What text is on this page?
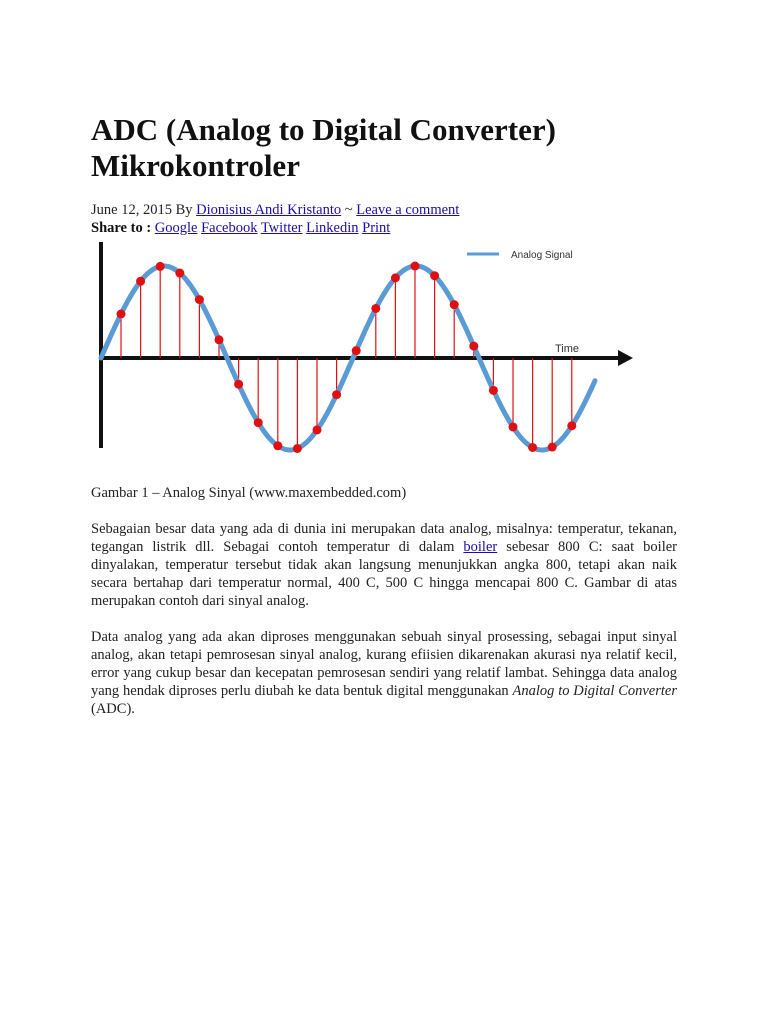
ADC (Analog to Digital Converter) Mikrokontroler
June 12, 2015 By Dionisius Andi Kristanto ~ Leave a comment
Share to : Google Facebook Twitter Linkedin Print
Time
Analog Signal
Gambar 1 – Analog Sinyal (www.maxembedded.com)

Sebagaian besar data yang ada di dunia ini merupakan data analog, misalnya: temperatur, tekanan, tegangan listrik dll. Sebagai contoh temperatur di dalam boiler sebesar 800 C: saat boiler dinyalakan, temperatur tersebut tidak akan langsung menunjukkan angka 800, tetapi akan naik secara bertahap dari temperatur normal, 400 C, 500 C hingga mencapai 800 C. Gambar di atas merupakan contoh dari sinyal analog.

Data analog yang ada akan diproses menggunakan sebuah sinyal prosessing, sebagai input sinyal analog, akan tetapi pemrosesan sinyal analog, kurang efiisien dikarenakan akurasi nya relatif kecil, error yang cukup besar dan kecepatan pemrosesan sendiri yang relatif lambat. Sehingga data analog yang hendak diproses perlu diubah ke data bentuk digital menggunakan Analog to Digital Converter (ADC).
